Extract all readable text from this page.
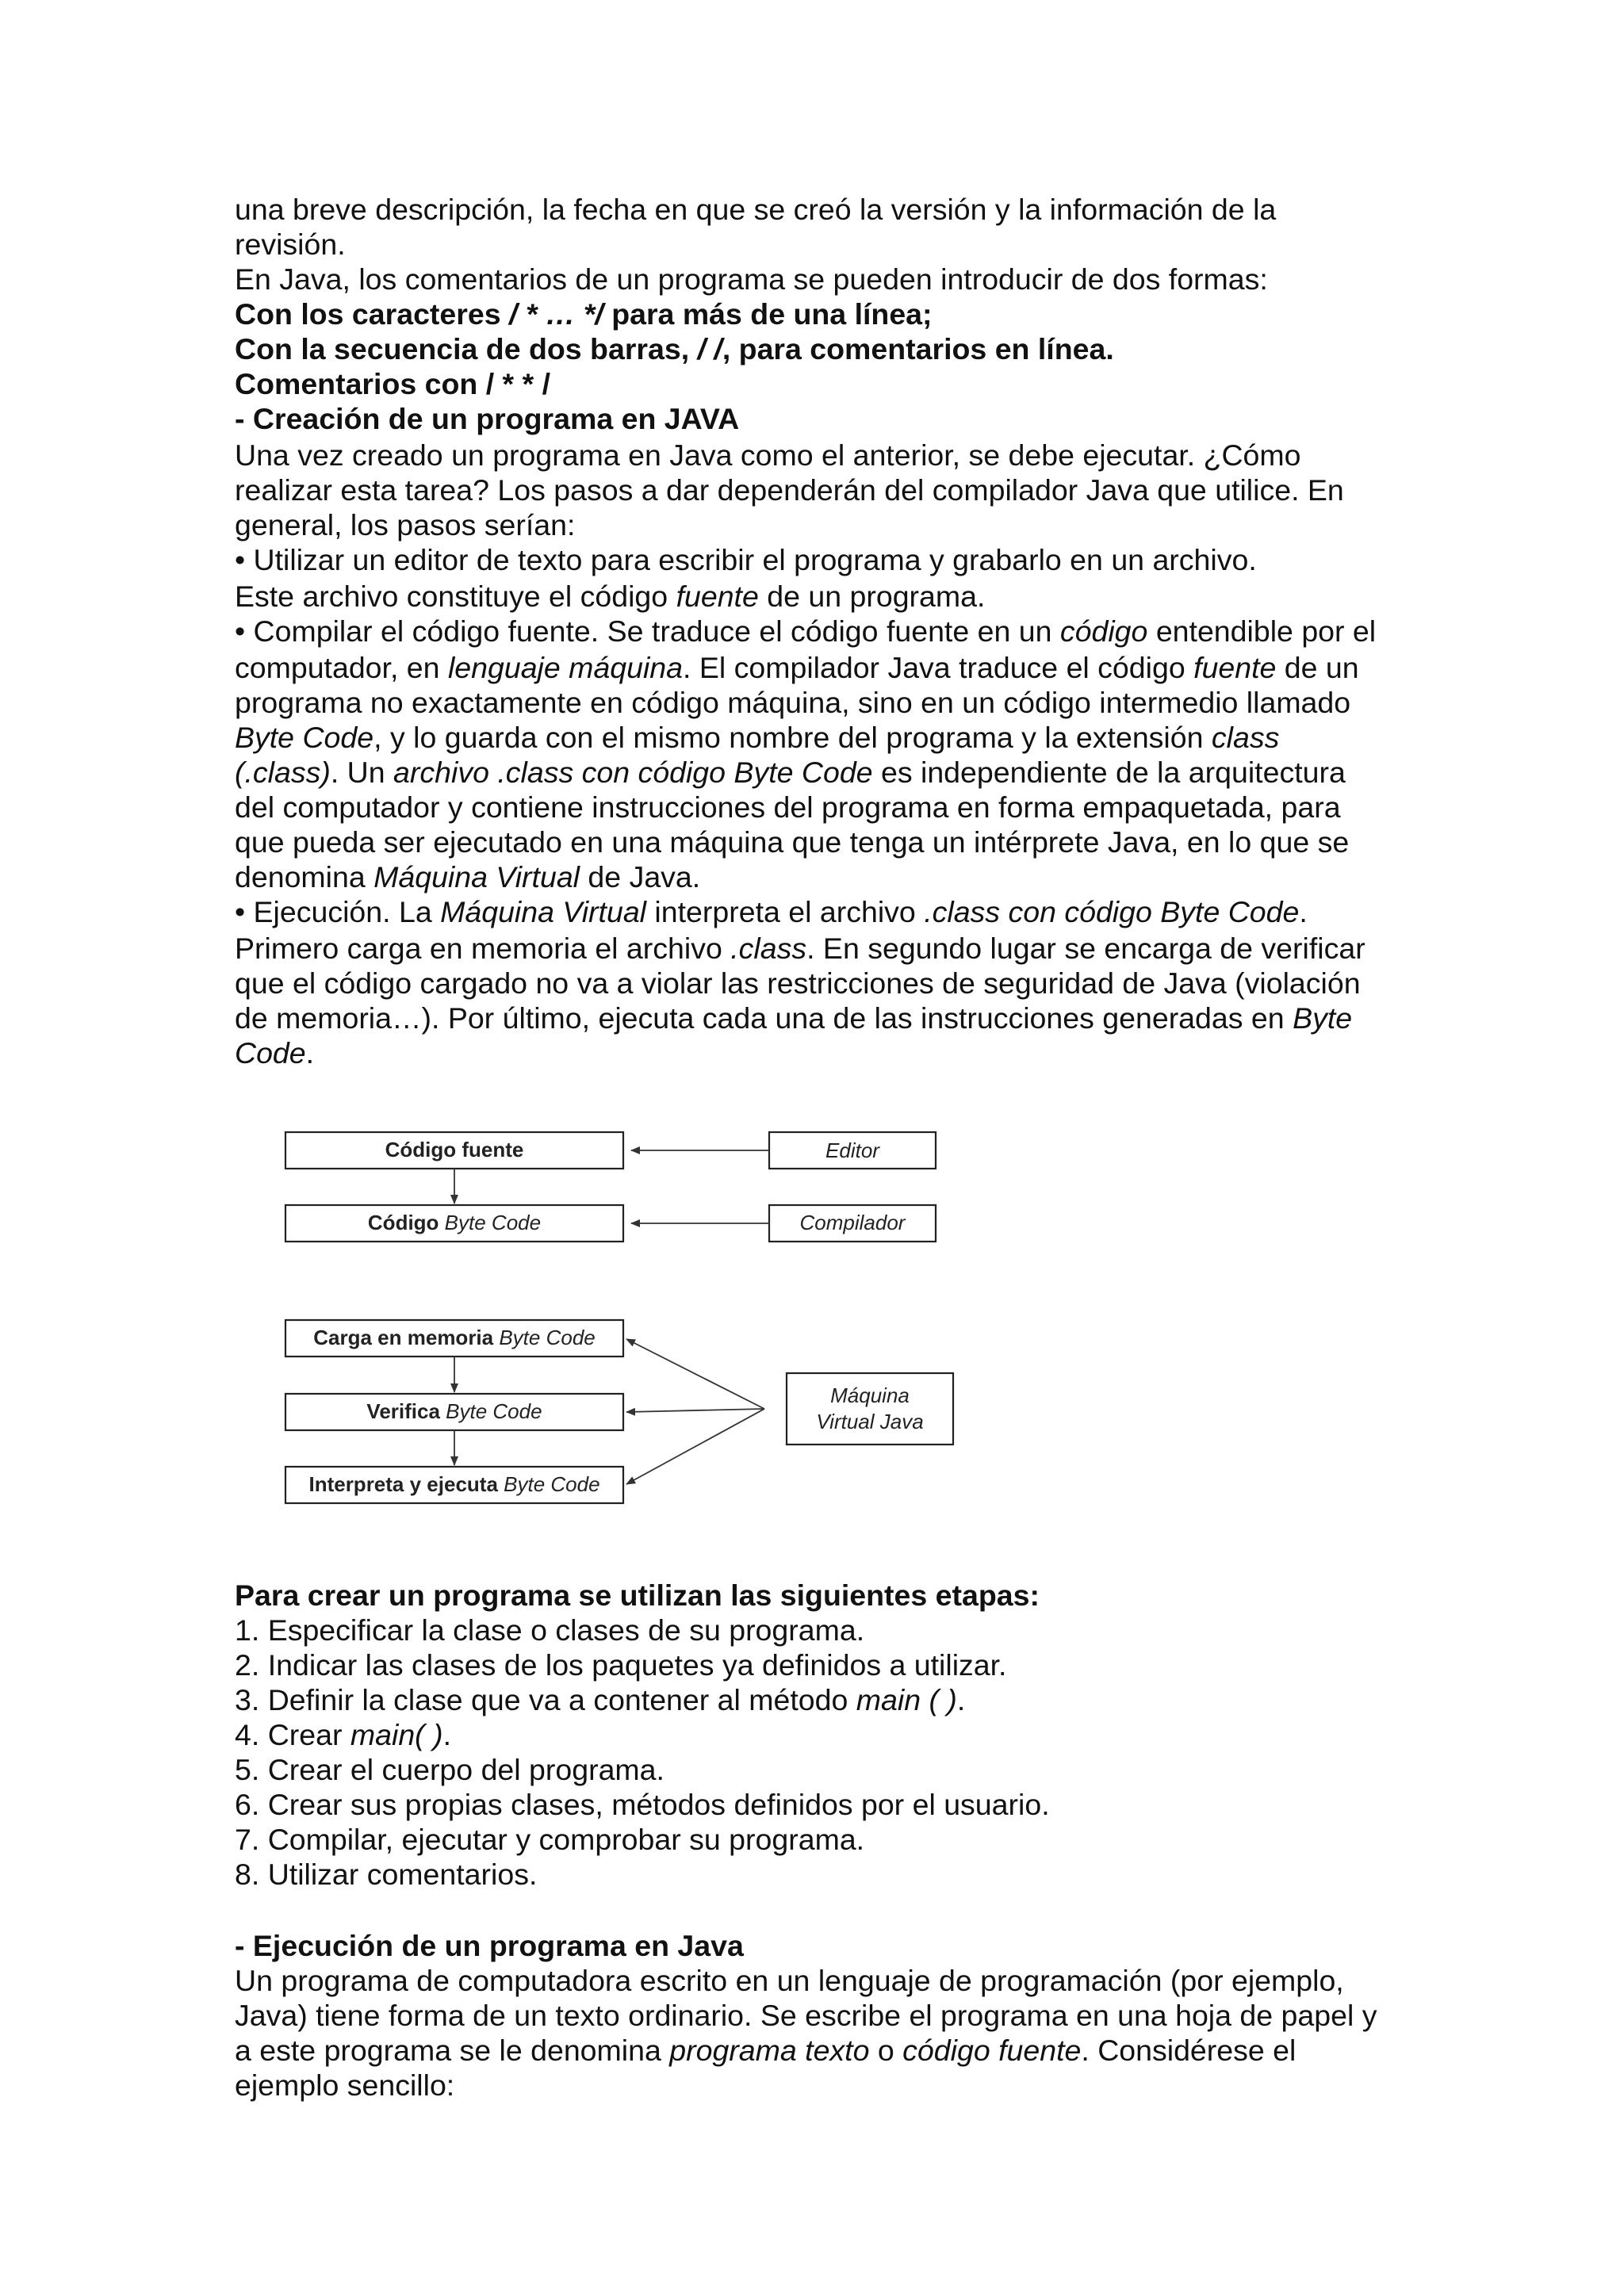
una breve descripción, la fecha en que se creó la versión y la información de la
revisión.
En Java, los comentarios de un programa se pueden introducir de dos formas:
Con los caracteres / * … */ para más de una línea;
Con la secuencia de dos barras, / /, para comentarios en línea.
Comentarios con / * * /
- Creación de un programa en JAVA
Una vez creado un programa en Java como el anterior, se debe ejecutar. ¿Cómo
realizar esta tarea? Los pasos a dar dependerán del compilador Java que utilice. En
general, los pasos serían:
• Utilizar un editor de texto para escribir el programa y grabarlo en un archivo.
Este archivo constituye el código fuente de un programa.
• Compilar el código fuente. Se traduce el código fuente en un código entendible por el
computador, en lenguaje máquina. El compilador Java traduce el código fuente de un
programa no exactamente en código máquina, sino en un código intermedio llamado
Byte Code, y lo guarda con el mismo nombre del programa y la extensión class
(.class). Un archivo .class con código Byte Code es independiente de la arquitectura
del computador y contiene instrucciones del programa en forma empaquetada, para
que pueda ser ejecutado en una máquina que tenga un intérprete Java, en lo que se
denomina Máquina Virtual de Java.
• Ejecución. La Máquina Virtual interpreta el archivo .class con código Byte Code.
Primero carga en memoria el archivo .class. En segundo lugar se encarga de verificar
que el código cargado no va a violar las restricciones de seguridad de Java (violación
de memoria…). Por último, ejecuta cada una de las instrucciones generadas en Byte
Code.
Código fuente	Editor
Código Byte Code	Compilador
Carga en memoria Byte Code
Verifica Byte Code
Interpreta y ejecuta Byte Code
Máquina
Virtual Java
Para crear un programa se utilizan las siguientes etapas:
1. Especificar la clase o clases de su programa.
2. Indicar las clases de los paquetes ya definidos a utilizar.
3. Definir la clase que va a contener al método main ( ).
4. Crear main( ).
5. Crear el cuerpo del programa.
6. Crear sus propias clases, métodos definidos por el usuario.
7. Compilar, ejecutar y comprobar su programa.
8. Utilizar comentarios.
- Ejecución de un programa en Java
Un programa de computadora escrito en un lenguaje de programación (por ejemplo,
Java) tiene forma de un texto ordinario. Se escribe el programa en una hoja de papel y
a este programa se le denomina programa texto o código fuente. Considérese el
ejemplo sencillo:
